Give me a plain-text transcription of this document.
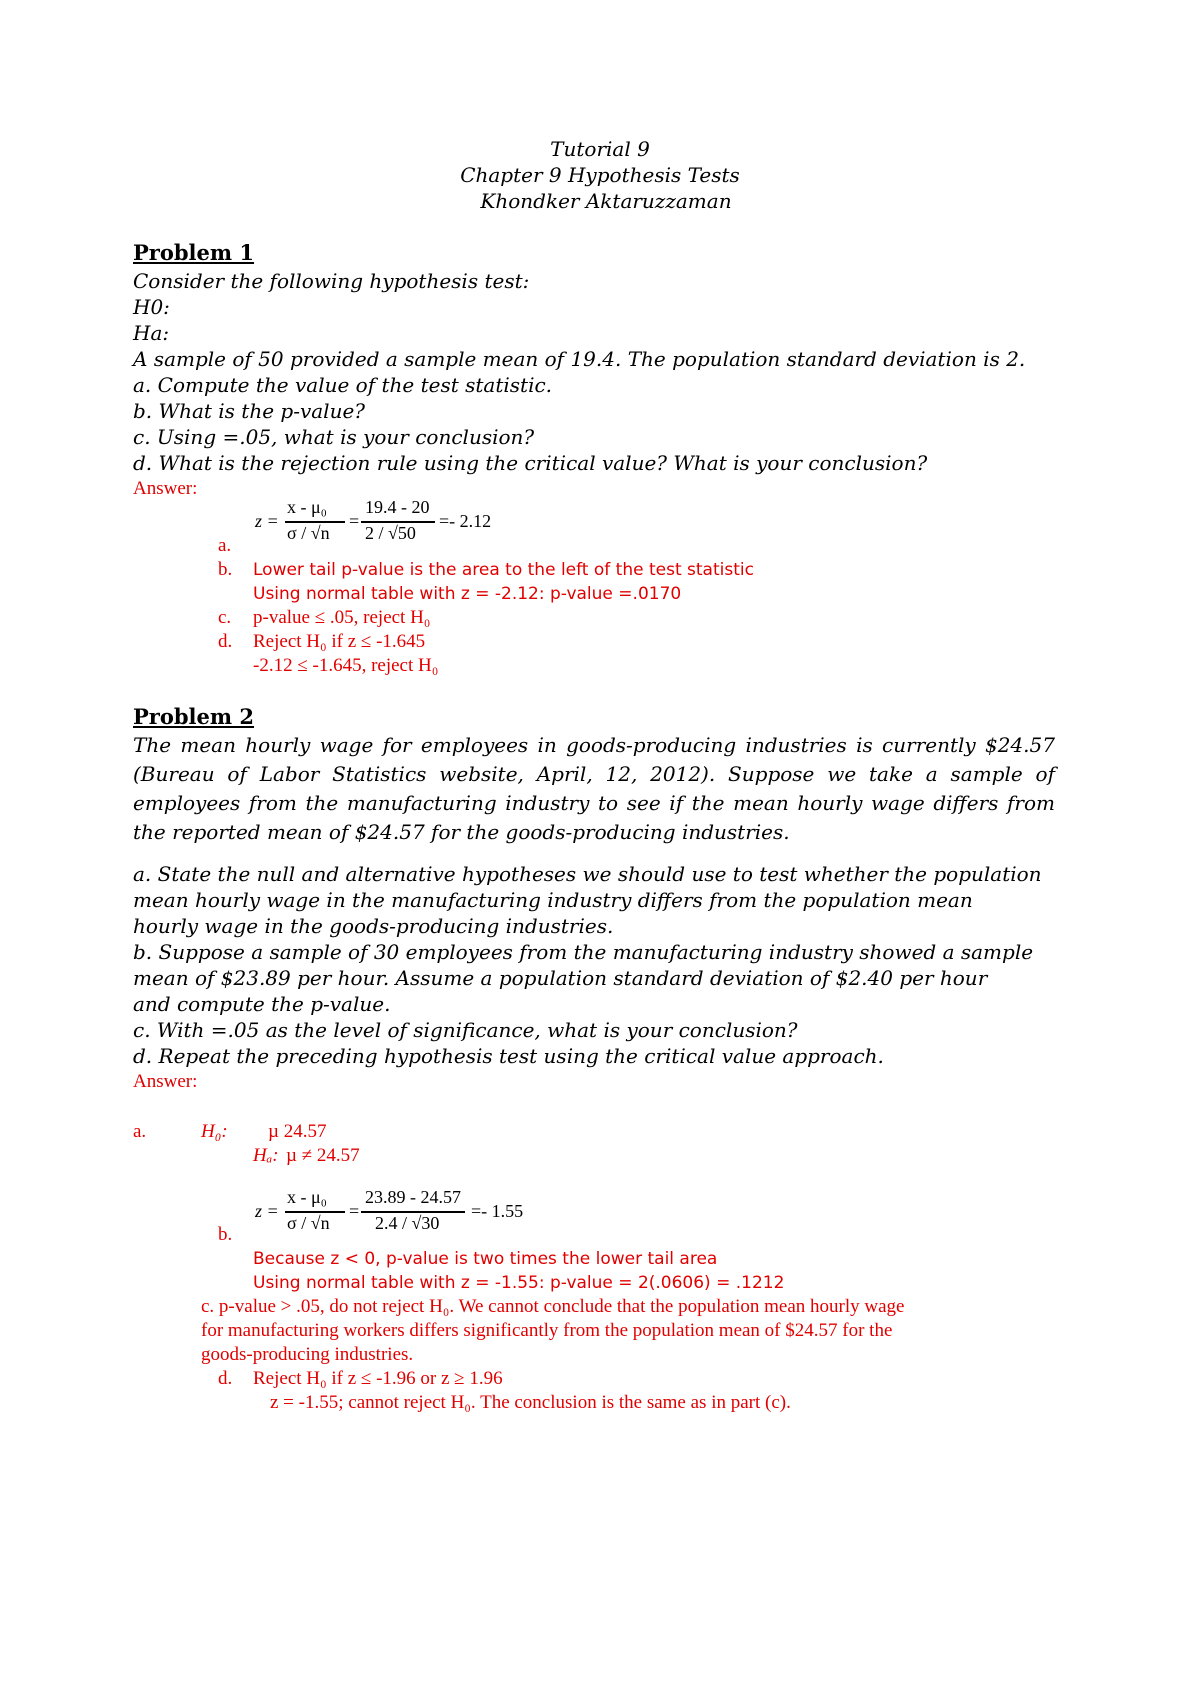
Tutorial 9
Chapter 9 Hypothesis Tests
Khondker Aktaruzzaman
Problem 1
Consider the following hypothesis test:
H0:
Ha:
A sample of 50 provided a sample mean of 19.4. The population standard deviation is 2.
a. Compute the value of the test statistic.
b. What is the p-value?
c. Using =.05, what is your conclusion?
d. What is the rejection rule using the critical value? What is your conclusion?
Answer:
a.
z =
x - μ₀
σ / √n
=
19.4 - 20
2 / √50
=- 2.12
b. Lower tail p-value is the area to the left of the test statistic
Using normal table with z = -2.12: p-value =.0170
c. p-value ≤ .05, reject H₀
d. Reject H₀ if z ≤ -1.645
-2.12 ≤ -1.645, reject H₀
Problem 2
The mean hourly wage for employees in goods-producing industries is currently $24.57 (Bureau of Labor Statistics website, April, 12, 2012). Suppose we take a sample of employees from the manufacturing industry to see if the mean hourly wage differs from the reported mean of $24.57 for the goods-producing industries.
a. State the null and alternative hypotheses we should use to test whether the population
mean hourly wage in the manufacturing industry differs from the population mean
hourly wage in the goods-producing industries.
b. Suppose a sample of 30 employees from the manufacturing industry showed a sample
mean of $23.89 per hour. Assume a population standard deviation of $2.40 per hour
and compute the p-value.
c. With =.05 as the level of significance, what is your conclusion?
d. Repeat the preceding hypothesis test using the critical value approach.
Answer:
a.	H₀: µ 24.57
Hₐ: µ ≠ 24.57
z =
x - μ₀
σ / √n
=
23.89 - 24.57
2.4 / √30
=- 1.55
b.
Because z < 0, p-value is two times the lower tail area
Using normal table with z = -1.55: p-value = 2(.0606) = .1212
c. p-value > .05, do not reject H₀. We cannot conclude that the population mean hourly wage
for manufacturing workers differs significantly from the population mean of $24.57 for the
goods-producing industries.
d. Reject H₀ if z ≤ -1.96 or z ≥ 1.96
z = -1.55; cannot reject H₀. The conclusion is the same as in part (c).
